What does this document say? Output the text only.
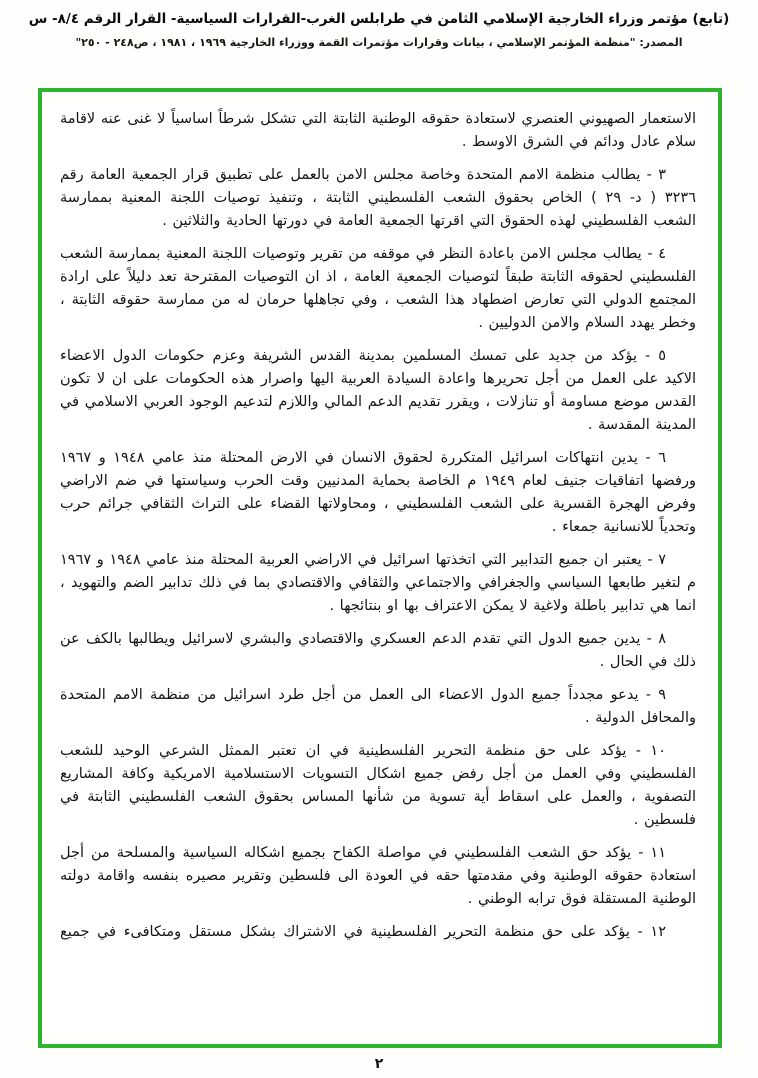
(تابع) مؤتمر وزراء الخارجية الإسلامي الثامن في طرابلس الغرب-القرارات السياسية- القرار الرقم ٨/٤- س
المصدر: "منظمة المؤتمر الإسلامي ، بيانات وقرارات مؤتمرات القمة ووزراء الخارجية ١٩٦٩ ، ١٩٨١ ، ص٢٤٨ - ٢٥٠"

الاستعمار الصهيوني العنصري لاستعادة حقوقه الوطنية الثابتة التي تشكل شرطاً اساسياً لا غنى عنه لاقامة سلام عادل ودائم في الشرق الاوسط .

٣ - يطالب منظمة الامم المتحدة وخاصة مجلس الامن بالعمل على تطبيق قرار الجمعية العامة رقم ٣٢٣٦ ( د- ٢٩ ) الخاص بحقوق الشعب الفلسطيني الثابتة ، وتنفيذ توصيات اللجنة المعنية بممارسة الشعب الفلسطيني لهذه الحقوق التي اقرتها الجمعية العامة في دورتها الحادية والثلاثين .

٤ - يطالب مجلس الامن باعادة النظر في موقفه من تقرير وتوصيات اللجنة المعنية بممارسة الشعب الفلسطيني لحقوقه الثابتة طبقاً لتوصيات الجمعية العامة ، اذ ان التوصيات المقترحة تعد دليلاً على ارادة المجتمع الدولي التي تعارض اضطهاد هذا الشعب ، وفي تجاهلها حرمان له من ممارسة حقوقه الثابتة ، وخطر يهدد السلام والامن الدوليين .

٥ - يؤكد من جديد على تمسك المسلمين بمدينة القدس الشريفة وعزم حكومات الدول الاعضاء الاكيد على العمل من أجل تحريرها واعادة السيادة العربية اليها واصرار هذه الحكومات على ان لا تكون القدس موضع مساومة أو تنازلات ، ويقرر تقديم الدعم المالي واللازم لتدعيم الوجود العربي الاسلامي في المدينة المقدسة .

٦ - يدين انتهاكات اسرائيل المتكررة لحقوق الانسان في الارض المحتلة منذ عامي ١٩٤٨ و ١٩٦٧ ورفضها اتفاقيات جنيف لعام ١٩٤٩ م الخاصة بحماية المدنيين وقت الحرب وسياستها في ضم الاراضي وفرض الهجرة القسرية على الشعب الفلسطيني ، ومحاولاتها القضاء على التراث الثقافي جرائم حرب وتحدياً للانسانية جمعاء .

٧ - يعتبر ان جميع التدابير التي اتخذتها اسرائيل في الاراضي العربية المحتلة منذ عامي ١٩٤٨ و ١٩٦٧ م لتغير طابعها السياسي والجغرافي والاجتماعي والثقافي والاقتصادي بما في ذلك تدابير الضم والتهويد ، انما هي تدابير باطلة ولاغية لا يمكن الاعتراف بها او بنتائجها .

٨ - يدين جميع الدول التي تقدم الدعم العسكري والاقتصادي والبشري لاسرائيل ويطالبها بالكف عن ذلك في الحال .

٩ - يدعو مجدداً جميع الدول الاعضاء الى العمل من أجل طرد اسرائيل من منظمة الامم المتحدة والمحافل الدولية .

١٠ - يؤكد على حق منظمة التحرير الفلسطينية في ان تعتبر الممثل الشرعي الوحيد للشعب الفلسطيني وفي العمل من أجل رفض جميع اشكال التسويات الاستسلامية الامريكية وكافة المشاريع التصفوية ، والعمل على اسقاط أية تسوية من شأنها المساس بحقوق الشعب الفلسطيني الثابتة في فلسطين .

١١ - يؤكد حق الشعب الفلسطيني في مواصلة الكفاح بجميع اشكاله السياسية والمسلحة من أجل استعادة حقوقه الوطنية وفي مقدمتها حقه في العودة الى فلسطين وتقرير مصيره بنفسه واقامة دولته الوطنية المستقلة فوق ترابه الوطني .

١٢ - يؤكد على حق منظمة التحرير الفلسطينية في الاشتراك بشكل مستقل ومتكافىء في جميع

٢
